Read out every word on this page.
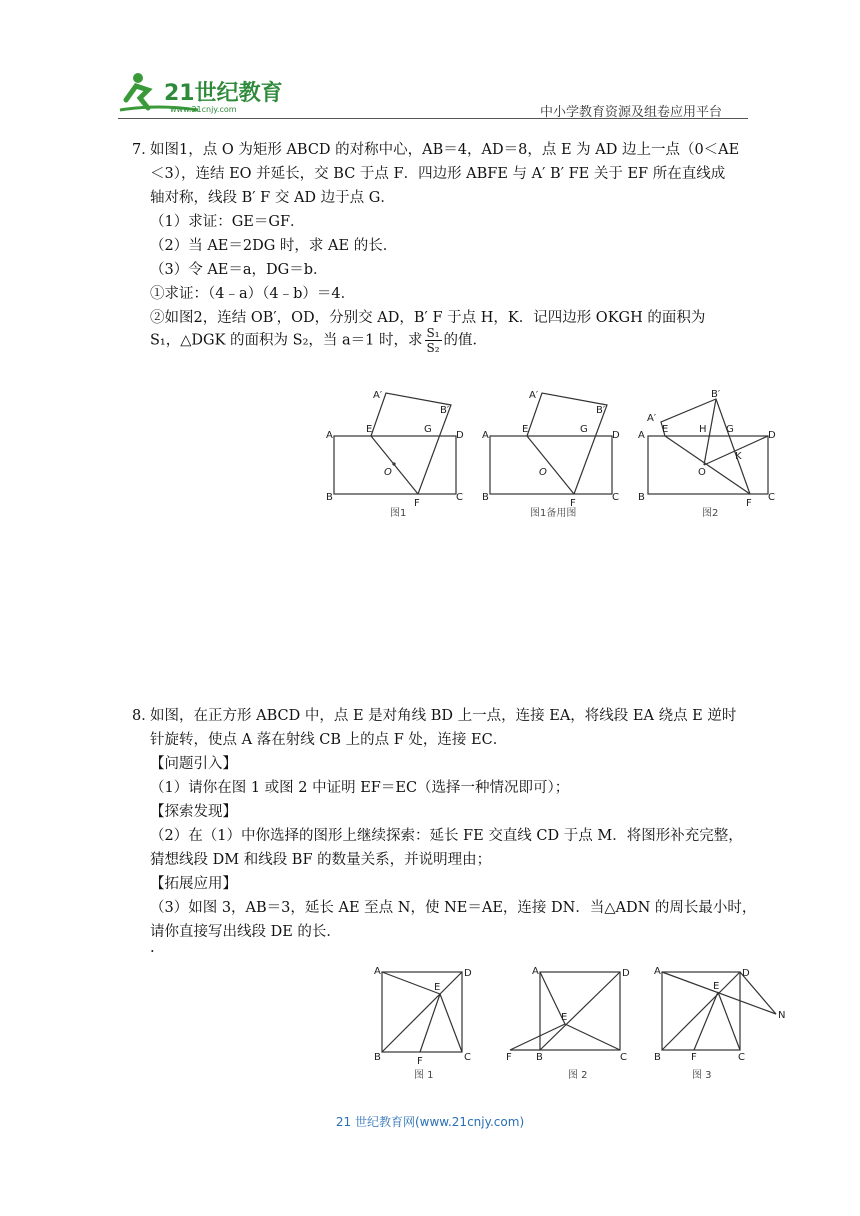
21世纪教育
www.21cnjy.com	中小学教育资源及组卷应用平台
7．
如图1，点 O 为矩形 ABCD 的对称中心，AB＝4，AD＝8，点 E 为 AD 边上一点（0＜AE
＜3），连结 EO 并延长，交 BC 于点 F．四边形 ABFE 与 A′ B′ FE 关于 EF 所在直线成
轴对称，线段 B′ F 交 AD 边于点 G．
（1）求证：GE＝GF．
（2）当 AE＝2DG 时，求 AE 的长．
（3）令 AE＝a，DG＝b．
①求证：（4﹣a）（4﹣b）＝4．
②如图2，连结 OB′，OD，分别交 AD，B′ F 于点 H，K．记四边形 OKGH 的面积为
S₁，△DGK 的面积为 S₂，当 a＝1 时，求 $\frac{\text{S₁}}{\text{S₂}}$ 的值．
A
A′
B′
E	G
D
O
B
F
C
A
A′
B′
E	G
D
O
B
F
C
A
A′
B′
E	H G
D
K
O
B
F
C
图1	图1备用图	图2
8．
如图，在正方形 ABCD 中，点 E 是对角线 BD 上一点，连接 EA，将线段 EA 绕点 E 逆时
针旋转，使点 A 落在射线 CB 上的点 F 处，连接 EC．
【问题引入】
（1）请你在图 1 或图 2 中证明 EF＝EC（选择一种情况即可）；
【探索发现】
（2）在（1）中你选择的图形上继续探索：延长 FE 交直线 CD 于点 M．将图形补充完整，
猜想线段 DM 和线段 BF 的数量关系，并说明理由；
【拓展应用】
（3）如图 3，AB＝3，延长 AE 至点 N，使 NE＝AE，连接 DN．当△ADN 的周长最小时，
请你直接写出线段 DE 的长．
.
A	D
E
B	F	C
A	D
E
F B	C
A	D
E
N
B	F	C
图 1	图 2	图 3
21 世纪教育网(www.21cnjy.com)
